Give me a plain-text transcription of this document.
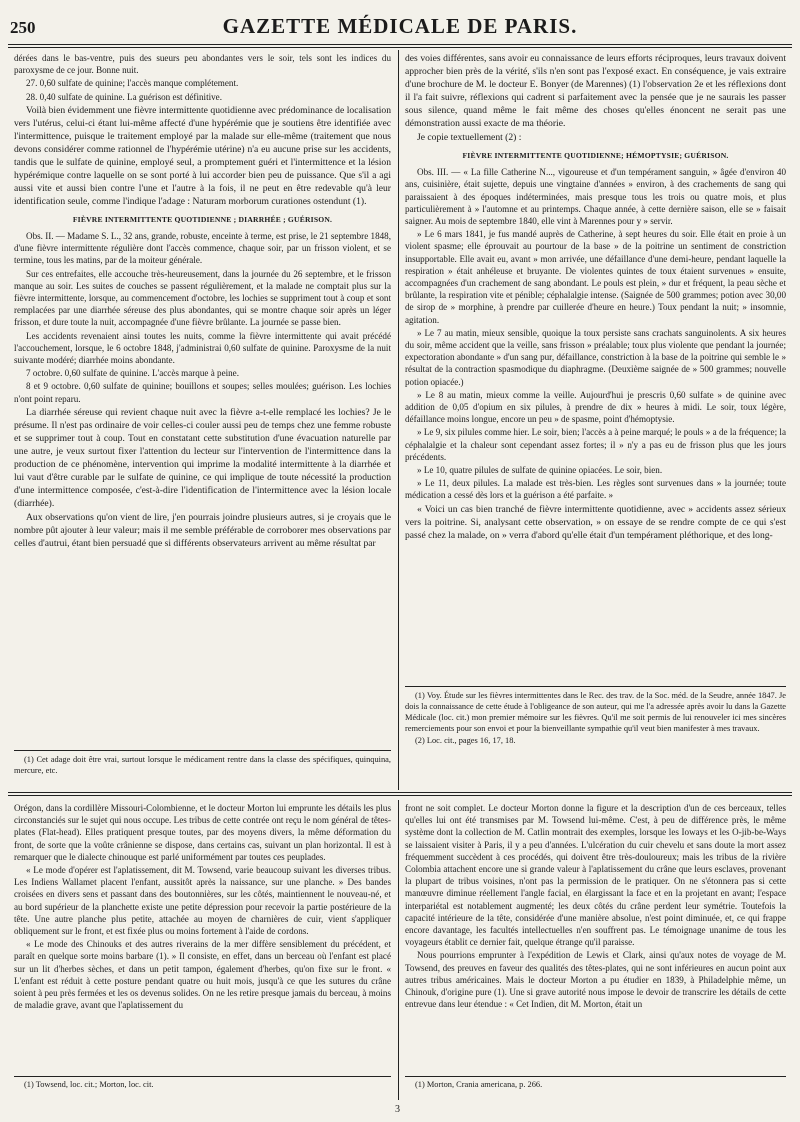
250	GAZETTE MÉDICALE DE PARIS.

dérées dans le bas-ventre, puis des sueurs peu abondantes vers le soir, tels sont les indices du paroxysme de ce jour. Bonne nuit.

27. 0,60 sulfate de quinine; l'accès manque complétement.

28. 0,40 sulfate de quinine. La guérison est définitive.

Voilà bien évidemment une fièvre intermittente quotidienne avec prédominance de localisation vers l'utérus, celui-ci étant lui-même affecté d'une hypérémie que je soutiens être identifiée avec l'intermittence, puisque le traitement employé par la malade sur elle-même (traitement que nous devons considérer comme rationnel de l'hypérémie utérine) n'a eu aucune prise sur les accidents, tandis que le sulfate de quinine, employé seul, a promptement guéri et l'intermittence et la lésion hypérémique contre laquelle on se sont porté à lui accorder bien peu de puissance. Que s'il a agi aussi vite et aussi bien contre l'une et l'autre à la fois, il ne peut en être redevable qu'à leur identification seule, comme l'indique l'adage : Naturam morborum curationes ostendunt (1).

FIÈVRE INTERMITTENTE QUOTIDIENNE ; DIARRHÉE ; GUÉRISON.

Obs. II. — Madame S. L., 32 ans, grande, robuste, enceinte à terme, est prise, le 21 septembre 1848, d'une fièvre intermittente régulière dont l'accès commence, chaque soir, par un frisson violent, et se termine, tous les matins, par de la moiteur générale.

Sur ces entrefaites, elle accouche très-heureusement, dans la journée du 26 septembre, et le frisson manque au soir. Les suites de couches se passent régulièrement, et la malade ne comptait plus sur la fièvre intermittente, lorsque, au commencement d'octobre, les lochies se suppriment tout à coup et sont remplacées par une diarrhée séreuse des plus abondantes, qui se montre chaque soir après un léger frisson, et dure toute la nuit, accompagnée d'une fièvre brûlante. La journée se passe bien.

Les accidents revenaient ainsi toutes les nuits, comme la fièvre intermittente qui avait précédé l'accouchement, lorsque, le 6 octobre 1848, j'administrai 0,60 sulfate de quinine. Paroxysme de la nuit suivante modéré; diarrhée moins abondante.

7 octobre. 0,60 sulfate de quinine. L'accès marque à peine.

8 et 9 octobre. 0,60 sulfate de quinine; bouillons et soupes; selles moulées; guérison. Les lochies n'ont point reparu.

La diarrhée séreuse qui revient chaque nuit avec la fièvre a-t-elle remplacé les lochies? Je le présume. Il n'est pas ordinaire de voir celles-ci couler aussi peu de temps chez une femme robuste et se supprimer tout à coup. Tout en constatant cette substitution d'une évacuation naturelle par une autre, je veux surtout fixer l'attention du lecteur sur l'intervention de l'intermittence dans la production de ce phénomène, intervention qui imprime la modalité intermittente à la diarrhée et lui vaut d'être curable par le sulfate de quinine, ce qui implique de toute nécessité la production d'une intermittence composée, c'est-à-dire l'identification de l'intermittence avec la lésion locale (diarrhée).

Aux observations qu'on vient de lire, j'en pourrais joindre plusieurs autres, si je croyais que le nombre pût ajouter à leur valeur; mais il me semble préférable de corroborer mes observations par celles d'autrui, étant bien persuadé que si différents observateurs arrivent au même résultat par

(1) Cet adage doit être vrai, surtout lorsque le médicament rentre dans la classe des spécifiques, quinquina, mercure, etc.

des voies différentes, sans avoir eu connaissance de leurs efforts réciproques, leurs travaux doivent approcher bien près de la vérité, s'ils n'en sont pas l'exposé exact. En conséquence, je vais extraire d'une brochure de M. le docteur E. Bonyer (de Marennes) (1) l'observation 2e et les réflexions dont il l'a fait suivre, réflexions qui cadrent si parfaitement avec la pensée que je ne saurais les passer sous silence, quand même le fait même des choses qu'elles énoncent ne serait pas une démonstration aussi exacte de ma théorie.

Je copie textuellement (2) :

FIÈVRE INTERMITTENTE QUOTIDIENNE; HÉMOPTYSIE; GUÉRISON.

Obs. III. — « La fille Catherine N..., vigoureuse et d'un tempérament sanguin, » âgée d'environ 40 ans, cuisinière, était sujette, depuis une vingtaine d'années » environ, à des crachements de sang qui paraissaient à des époques indéterminées, mais presque tous les trois ou quatre mois, et plus particulièrement à » l'automne et au printemps. Chaque année, à cette dernière saison, elle se » faisait saigner. Au mois de septembre 1840, elle vint à Marennes pour y » servir.

» Le 6 mars 1841, je fus mandé auprès de Catherine, à sept heures du soir. Elle était en proie à un violent spasme; elle éprouvait au pourtour de la base » de la poitrine un sentiment de constriction insupportable. Elle avait eu, avant » mon arrivée, une défaillance d'une demi-heure, pendant laquelle la respiration » était anhéleuse et bruyante. De violentes quintes de toux étaient survenues » ensuite, accompagnées d'un crachement de sang abondant. Le pouls est plein, » dur et fréquent, la peau sèche et brûlante, la respiration vite et pénible; céphalalgie intense. (Saignée de 500 grammes; potion avec 30,00 de sirop de » morphine, à prendre par cuillerée d'heure en heure.) Toux pendant la nuit; » insomnie, agitation.

» Le 7 au matin, mieux sensible, quoique la toux persiste sans crachats sanguinolents. A six heures du soir, même accident que la veille, sans frisson » préalable; toux plus violente que pendant la journée; expectoration abondante » d'un sang pur, défaillance, constriction à la base de la poitrine qui semble le » résultat de la contraction spasmodique du diaphragme. (Deuxième saignée de » 500 grammes; nouvelle potion opiacée.)

» Le 8 au matin, mieux comme la veille. Aujourd'hui je prescris 0,60 sulfate » de quinine avec addition de 0,05 d'opium en six pilules, à prendre de dix » heures à midi. Le soir, toux légère, défaillance moins longue, encore un peu » de spasme, point d'hémoptysie.

» Le 9, six pilules comme hier. Le soir, bien; l'accès a à peine marqué; le pouls » a de la fréquence; la céphalalgie et la chaleur sont cependant assez fortes; il » n'y a pas eu de frisson plus que les jours précédents.

» Le 10, quatre pilules de sulfate de quinine opiacées. Le soir, bien.

» Le 11, deux pilules. La malade est très-bien. Les règles sont survenues dans » la journée; toute médication a cessé dès lors et la guérison a été parfaite. »

« Voici un cas bien tranché de fièvre intermittente quotidienne, avec » accidents assez sérieux vers la poitrine. Si, analysant cette observation, » on essaye de se rendre compte de ce qui s'est passé chez la malade, on » verra d'abord qu'elle était d'un tempérament pléthorique, et des long-

(1) Voy. Étude sur les fièvres intermittentes dans le Rec. des trav. de la Soc. méd. de la Seudre, année 1847. Je dois la connaissance de cette étude à l'obligeance de son auteur, qui me l'a adressée après avoir lu dans la Gazette Médicale (loc. cit.) mon premier mémoire sur les fièvres. Qu'il me soit permis de lui renouveler ici mes sincères remerciements pour son envoi et pour la bienveillante sympathie qu'il veut bien manifester à mes travaux.

(2) Loc. cit., pages 16, 17, 18.

Orégon, dans la cordillère Missouri-Colombienne, et le docteur Morton lui emprunte les détails les plus circonstanciés sur le sujet qui nous occupe. Les tribus de cette contrée ont reçu le nom général de têtes-plates (Flat-head). Elles pratiquent presque toutes, par des moyens divers, la même déformation du front, de sorte que la voûte crânienne se dispose, dans certains cas, suivant un plan horizontal. Il est à remarquer que le dialecte chinouque est parlé uniformément par toutes ces peuplades.

« Le mode d'opérer est l'aplatissement, dit M. Towsend, varie beaucoup suivant les diverses tribus. Les Indiens Wallamet placent l'enfant, aussitôt après la naissance, sur une planche. » Des bandes croisées en divers sens et passant dans des boutonnières, sur les côtés, maintiennent le nouveau-né, et au bord supérieur de la planchette existe une petite dépression pour recevoir la partie postérieure de la tête. Une autre planche plus petite, attachée au moyen de charnières de cuir, vient s'appliquer obliquement sur le front, et est fixée plus ou moins fortement à l'aide de cordons.

« Le mode des Chinouks et des autres riverains de la mer diffère sensiblement du précédent, et paraît en quelque sorte moins barbare (1). » Il consiste, en effet, dans un berceau où l'enfant est placé sur un lit d'herbes sèches, et dans un petit tampon, également d'herbes, qu'on fixe sur le front. « L'enfant est réduit à cette posture pendant quatre ou huit mois, jusqu'à ce que les sutures du crâne soient à peu près fermées et les os devenus solides. On ne les retire presque jamais du berceau, à moins de maladie grave, avant que l'aplatissement du

(1) Towsend, loc. cit.; Morton, loc. cit.

front ne soit complet. Le docteur Morton donne la figure et la description d'un de ces berceaux, telles qu'elles lui ont été transmises par M. Towsend lui-même. C'est, à peu de différence près, le même système dont la collection de M. Catlin montrait des exemples, lorsque les Ioways et les O-jib-be-Ways se laissaient visiter à Paris, il y a peu d'années. L'ulcération du cuir chevelu et sans doute la mort assez fréquemment succèdent à ces procédés, qui doivent être très-douloureux; mais les tribus de la rivière Colombia attachent encore une si grande valeur à l'aplatissement du crâne que leurs esclaves, provenant la plupart de tribus voisines, n'ont pas la permission de le pratiquer. On ne s'étonnera pas si cette manœuvre diminue réellement l'angle facial, en élargissant la face et en la projetant en avant; l'espace interpariétal est notablement augmenté; les deux côtés du crâne perdent leur symétrie. Toutefois la capacité intérieure de la tête, considérée d'une manière absolue, n'est point diminuée, et, ce qui frappe encore davantage, les facultés intellectuelles n'en souffrent pas. Le témoignage unanime de tous les voyageurs établit ce dernier fait, quelque étrange qu'il paraisse.

Nous pourrions emprunter à l'expédition de Lewis et Clark, ainsi qu'aux notes de voyage de M. Towsend, des preuves en faveur des qualités des têtes-plates, qui ne sont inférieures en aucun point aux autres tribus américaines. Mais le docteur Morton a pu étudier en 1839, à Philadelphie même, un Chinouk, d'origine pure (1). Une si grave autorité nous impose le devoir de transcrire les détails de cette entrevue dans leur étendue : « Cet Indien, dit M. Morton, était un

(1) Morton, Crania americana, p. 266.

3
